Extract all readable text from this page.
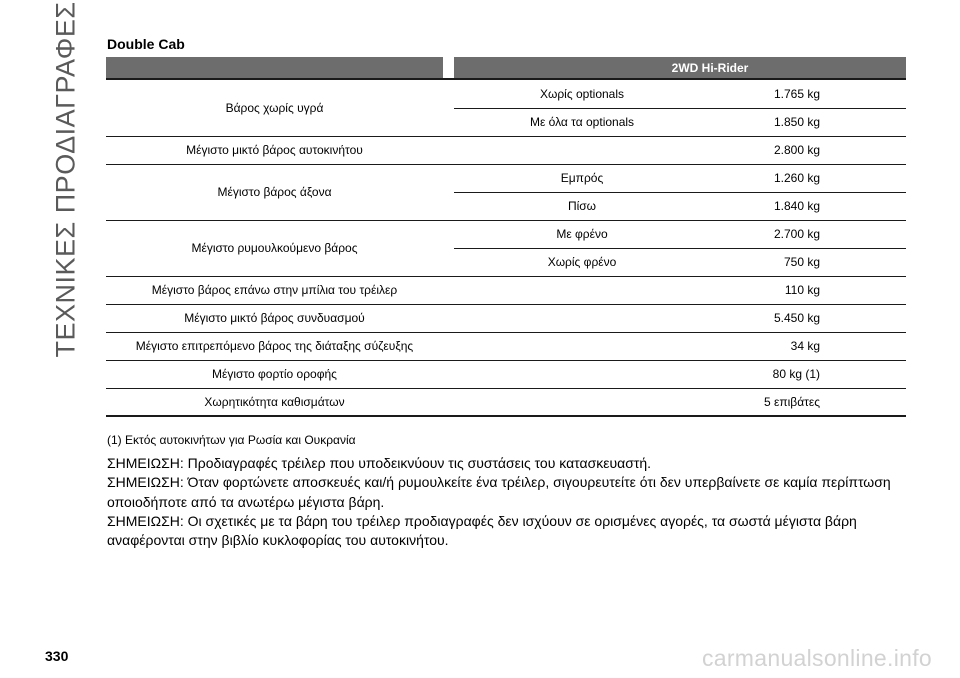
ΤΕΧΝΙΚΕΣ ΠΡΟΔΙΑΓΡΑΦΕΣ Double Cab
		2WD Hi-Rider	
Βάρος χωρίς υγρά		Χωρίς optionals	1.765 kg
		Με όλα τα optionals	1.850 kg
Μέγιστο μικτό βάρος αυτοκινήτου			2.800 kg
Μέγιστο βάρος άξονα		Εμπρός	1.260 kg
		Πίσω	1.840 kg
Μέγιστο ρυμουλκούμενο βάρος		Με φρένο	2.700 kg
		Χωρίς φρένο	750 kg
Μέγιστο βάρος επάνω στην μπίλια του τρέιλερ			110 kg
Μέγιστο μικτό βάρος συνδυασμού			5.450 kg
Μέγιστο επιτρεπόμενο βάρος της διάταξης σύζευξης			34 kg
Μέγιστο φορτίο οροφής			80 kg (1)
Χωρητικότητα καθισμάτων			5 επιβάτες
(1) Εκτός αυτοκινήτων για Ρωσία και Ουκρανία

ΣΗΜΕΙΩΣΗ: Προδιαγραφές τρέιλερ που υποδεικνύουν τις συστάσεις του κατασκευαστή.

ΣΗΜΕΙΩΣΗ: Όταν φορτώνετε αποσκευές και/ή ρυμουλκείτε ένα τρέιλερ, σιγουρευτείτε ότι δεν υπερβαίνετε σε καμία περίπτωση οποιοδήποτε από τα ανωτέρω μέγιστα βάρη.

ΣΗΜΕΙΩΣΗ: Οι σχετικές με τα βάρη του τρέιλερ προδιαγραφές δεν ισχύουν σε ορισμένες αγορές, τα σωστά μέγιστα βάρη αναφέρονται στην βιβλίο κυκλοφορίας του αυτοκινήτου.

330	carmanualsonline.info
